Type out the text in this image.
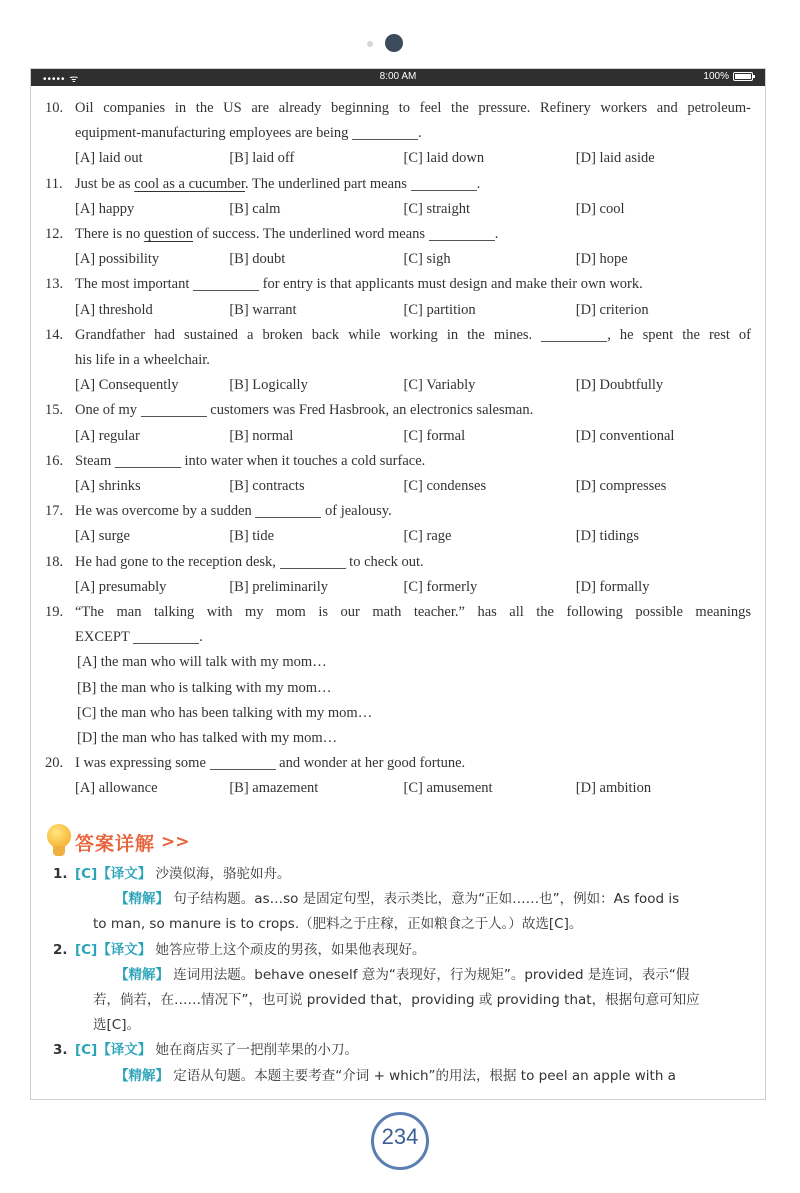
••••• ᯤ	8:00 AM	100%
10. Oil companies in the US are already beginning to feel the pressure. Refinery workers and petroleum-
equipment-manufacturing employees are being	.
[A] laid out	[B] laid off	[C] laid down	[D] laid aside
11. Just be as cool as a cucumber. The underlined part means	.
[A] happy	[B] calm	[C] straight	[D] cool
12. There is no question of success. The underlined word means	.
[A] possibility	[B] doubt	[C] sigh	[D] hope
13. The most important	for entry is that applicants must design and make their own work.
[A] threshold	[B] warrant	[C] partition	[D] criterion
14. Grandfather had sustained a broken back while working in the mines.	, he spent the rest of
his life in a wheelchair.
[A] Consequently	[B] Logically	[C] Variably	[D] Doubtfully
15. One of my	customers was Fred Hasbrook, an electronics salesman.
[A] regular	[B] normal	[C] formal	[D] conventional
16. Steam	into water when it touches a cold surface.
[A] shrinks	[B] contracts	[C] condenses	[D] compresses
17. He was overcome by a sudden	of jealousy.
[A] surge	[B] tide	[C] rage	[D] tidings
18. He had gone to the reception desk,	to check out.
[A] presumably	[B] preliminarily	[C] formerly	[D] formally
19. “The man talking with my mom is our math teacher.” has all the following possible meanings
EXCEPT	.
[A] the man who will talk with my mom…
[B] the man who is talking with my mom…
[C] the man who has been talking with my mom…
[D] the man who has talked with my mom…
20. I was expressing some	and wonder at her good fortune.
[A] allowance	[B] amazement	[C] amusement	[D] ambition
答案详解 >>
1. [C] 【译文】
沙漠似海，骆驼如舟。
【精解】 句子结构题。as…so 是固定句型，表示类比，意为“正如……也”，例如：As food is
to man, so manure is to crops.（肥料之于庄稼，正如粮食之于人。）故选[C]。
2. [C] 【译文】
她答应带上这个顽皮的男孩，如果他表现好。
【精解】 连词用法题。behave oneself 意为“表现好，行为规矩”。provided 是连词，表示“假
若，倘若，在……情况下”，也可说 provided that，providing 或 providing that，根据句意可知应
选[C]。
3. [C] 【译文】
她在商店买了一把削苹果的小刀。
【精解】 定语从句题。本题主要考查“介词 + which”的用法，根据 to peel an apple with a
234
